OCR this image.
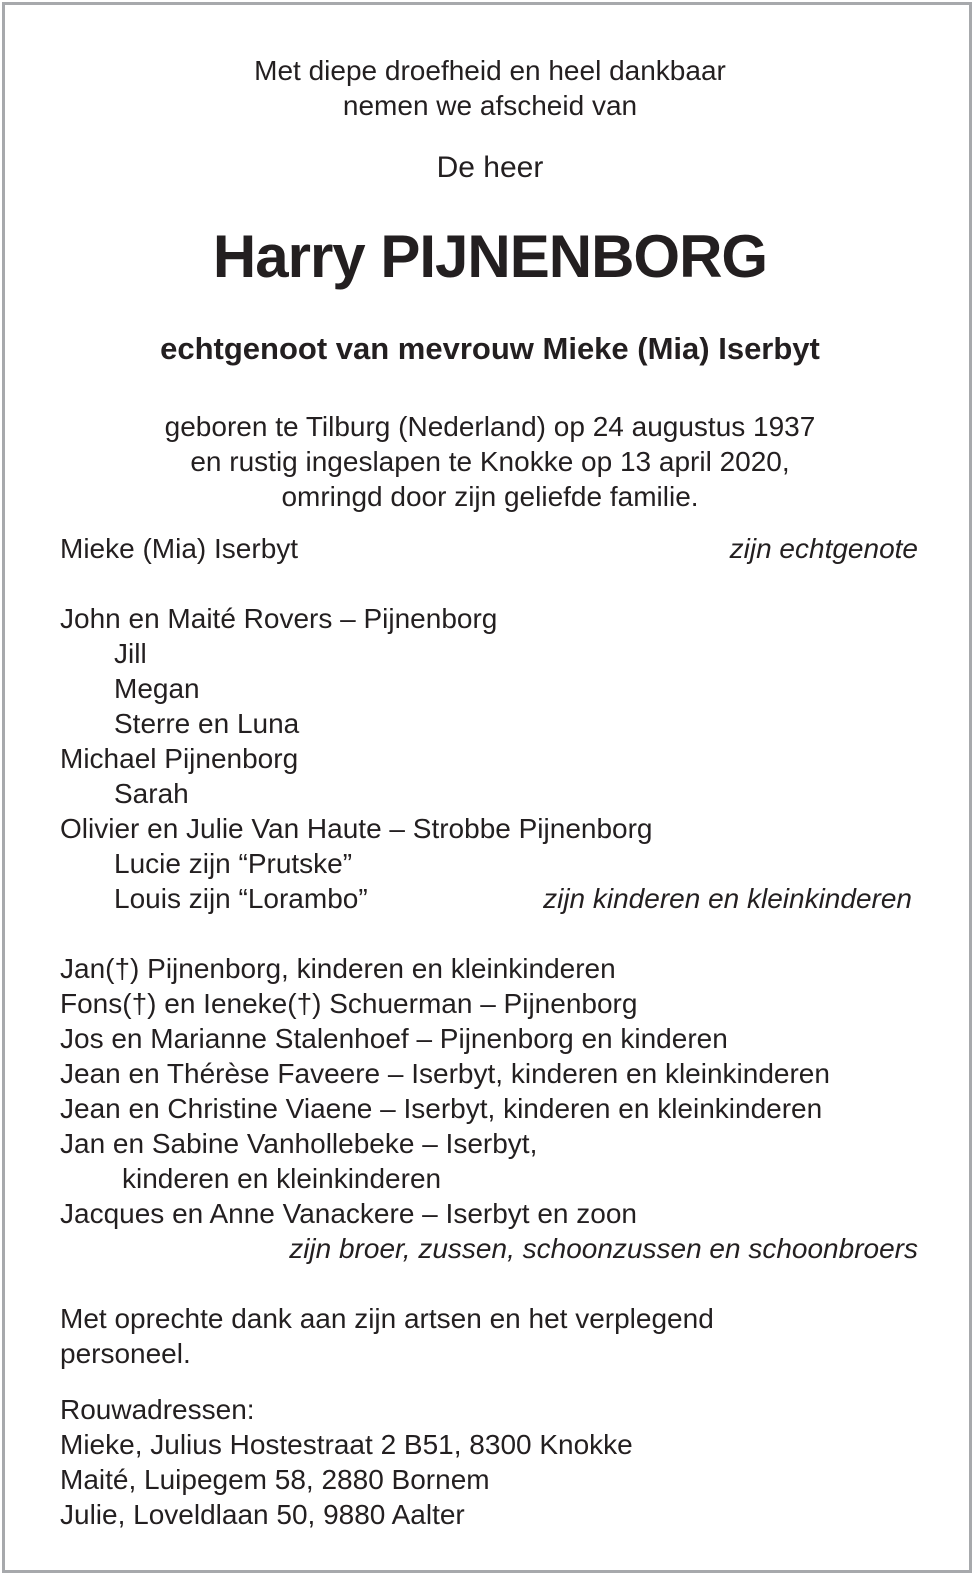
Met diepe droefheid en heel dankbaar
nemen we afscheid van
De heer
Harry PIJNENBORG
echtgenoot van mevrouw Mieke (Mia) Iserbyt
geboren te Tilburg (Nederland) op 24 augustus 1937
en rustig ingeslapen te Knokke op 13 april 2020,
omringd door zijn geliefde familie.
Mieke (Mia) Iserbyt	zijn echtgenote
John en Maité Rovers – Pijnenborg
Jill
Megan
Sterre en Luna
Michael Pijnenborg
Sarah
Olivier en Julie Van Haute – Strobbe Pijnenborg
Lucie zijn “Prutske”
Louis zijn “Lorambo”	zijn kinderen en kleinkinderen
Jan(†) Pijnenborg, kinderen en kleinkinderen
Fons(†) en Ieneke(†) Schuerman – Pijnenborg
Jos en Marianne Stalenhoef – Pijnenborg en kinderen
Jean en Thérèse Faveere – Iserbyt, kinderen en kleinkinderen
Jean en Christine Viaene – Iserbyt, kinderen en kleinkinderen
Jan en Sabine Vanhollebeke – Iserbyt,
kinderen en kleinkinderen
Jacques en Anne Vanackere – Iserbyt en zoon
zijn broer, zussen, schoonzussen en schoonbroers
Met oprechte dank aan zijn artsen en het verplegend
personeel.
Rouwadressen:
Mieke, Julius Hostestraat 2 B51, 8300 Knokke
Maité, Luipegem 58, 2880 Bornem
Julie, Loveldlaan 50, 9880 Aalter
